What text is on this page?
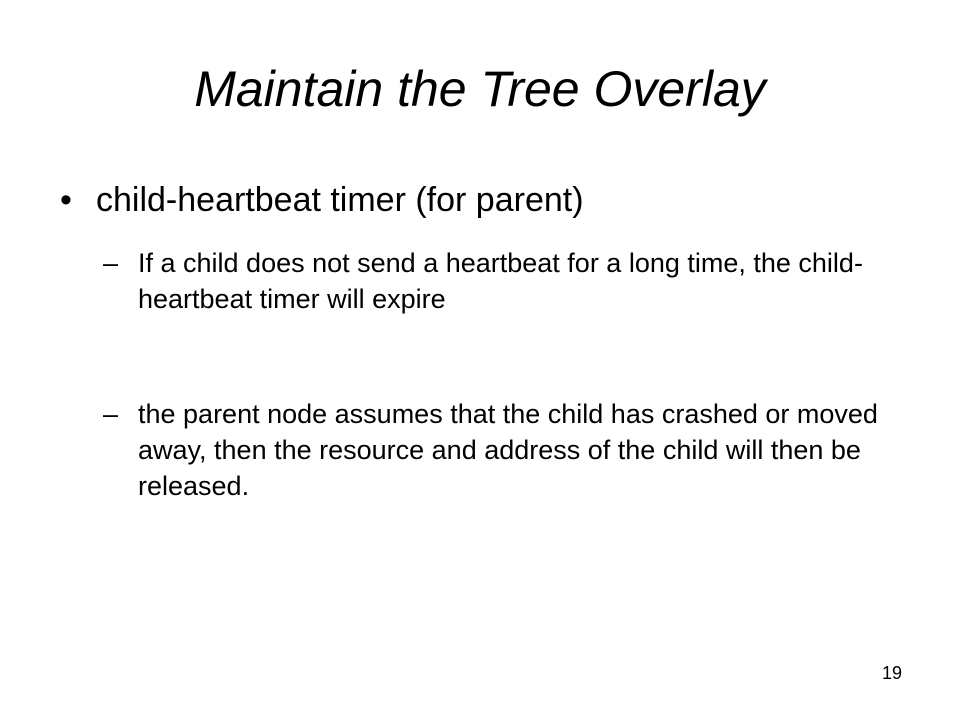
Maintain the Tree Overlay
• child-heartbeat timer (for parent)
– If a child does not send a heartbeat for a long time, the child-heartbeat timer will expire
– the parent node assumes that the child has crashed or moved away, then the resource and address of the child will then be released.
19
